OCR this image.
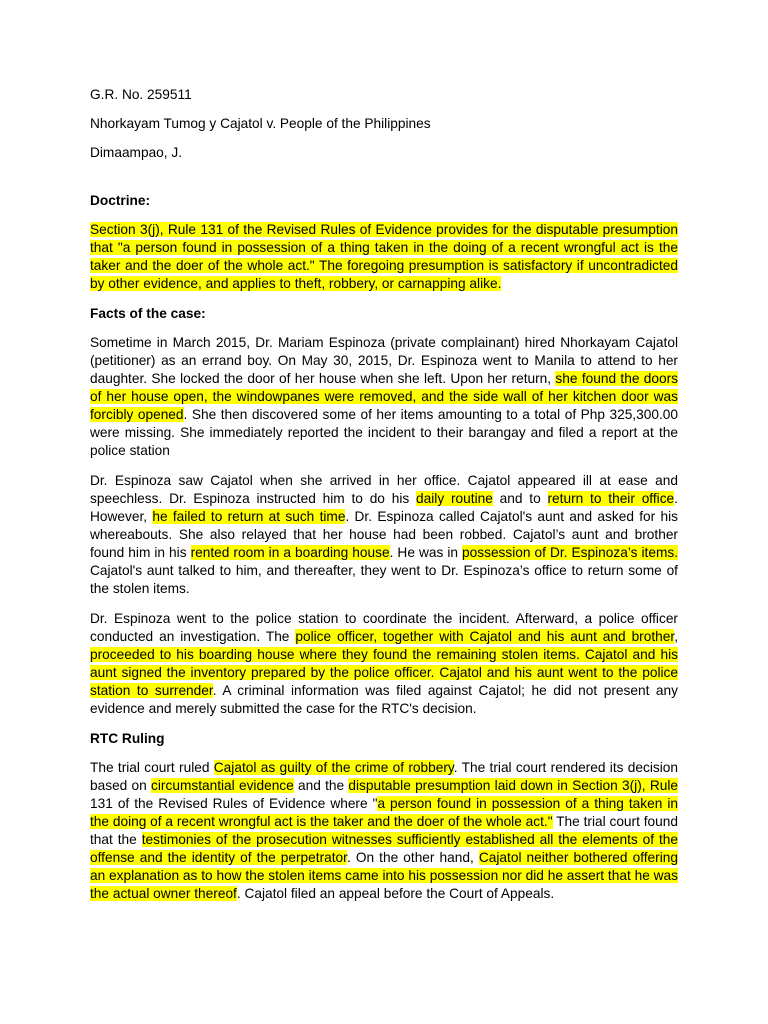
G.R. No. 259511

Nhorkayam Tumog y Cajatol v. People of the Philippines

Dimaampao, J.

Doctrine:

Section 3(j), Rule 131 of the Revised Rules of Evidence provides for the disputable presumption that "a person found in possession of a thing taken in the doing of a recent wrongful act is the taker and the doer of the whole act." The foregoing presumption is satisfactory if uncontradicted by other evidence, and applies to theft, robbery, or carnapping alike.

Facts of the case:

Sometime in March 2015, Dr. Mariam Espinoza (private complainant) hired Nhorkayam Cajatol (petitioner) as an errand boy. On May 30, 2015, Dr. Espinoza went to Manila to attend to her daughter. She locked the door of her house when she left. Upon her return, she found the doors of her house open, the windowpanes were removed, and the side wall of her kitchen door was forcibly opened. She then discovered some of her items amounting to a total of Php 325,300.00 were missing. She immediately reported the incident to their barangay and filed a report at the police station

Dr. Espinoza saw Cajatol when she arrived in her office. Cajatol appeared ill at ease and speechless. Dr. Espinoza instructed him to do his daily routine and to return to their office. However, he failed to return at such time. Dr. Espinoza called Cajatol's aunt and asked for his whereabouts. She also relayed that her house had been robbed. Cajatol’s aunt and brother found him in his rented room in a boarding house. He was in possession of Dr. Espinoza’s items. Cajatol's aunt talked to him, and thereafter, they went to Dr. Espinoza’s office to return some of the stolen items.

Dr. Espinoza went to the police station to coordinate the incident. Afterward, a police officer conducted an investigation. The police officer, together with Cajatol and his aunt and brother, proceeded to his boarding house where they found the remaining stolen items. Cajatol and his aunt signed the inventory prepared by the police officer. Cajatol and his aunt went to the police station to surrender. A criminal information was filed against Cajatol; he did not present any evidence and merely submitted the case for the RTC's decision.

RTC Ruling

The trial court ruled Cajatol as guilty of the crime of robbery. The trial court rendered its decision based on circumstantial evidence and the disputable presumption laid down in Section 3(j), Rule 131 of the Revised Rules of Evidence where "a person found in possession of a thing taken in the doing of a recent wrongful act is the taker and the doer of the whole act." The trial court found that the testimonies of the prosecution witnesses sufficiently established all the elements of the offense and the identity of the perpetrator. On the other hand, Cajatol neither bothered offering an explanation as to how the stolen items came into his possession nor did he assert that he was the actual owner thereof. Cajatol filed an appeal before the Court of Appeals.
